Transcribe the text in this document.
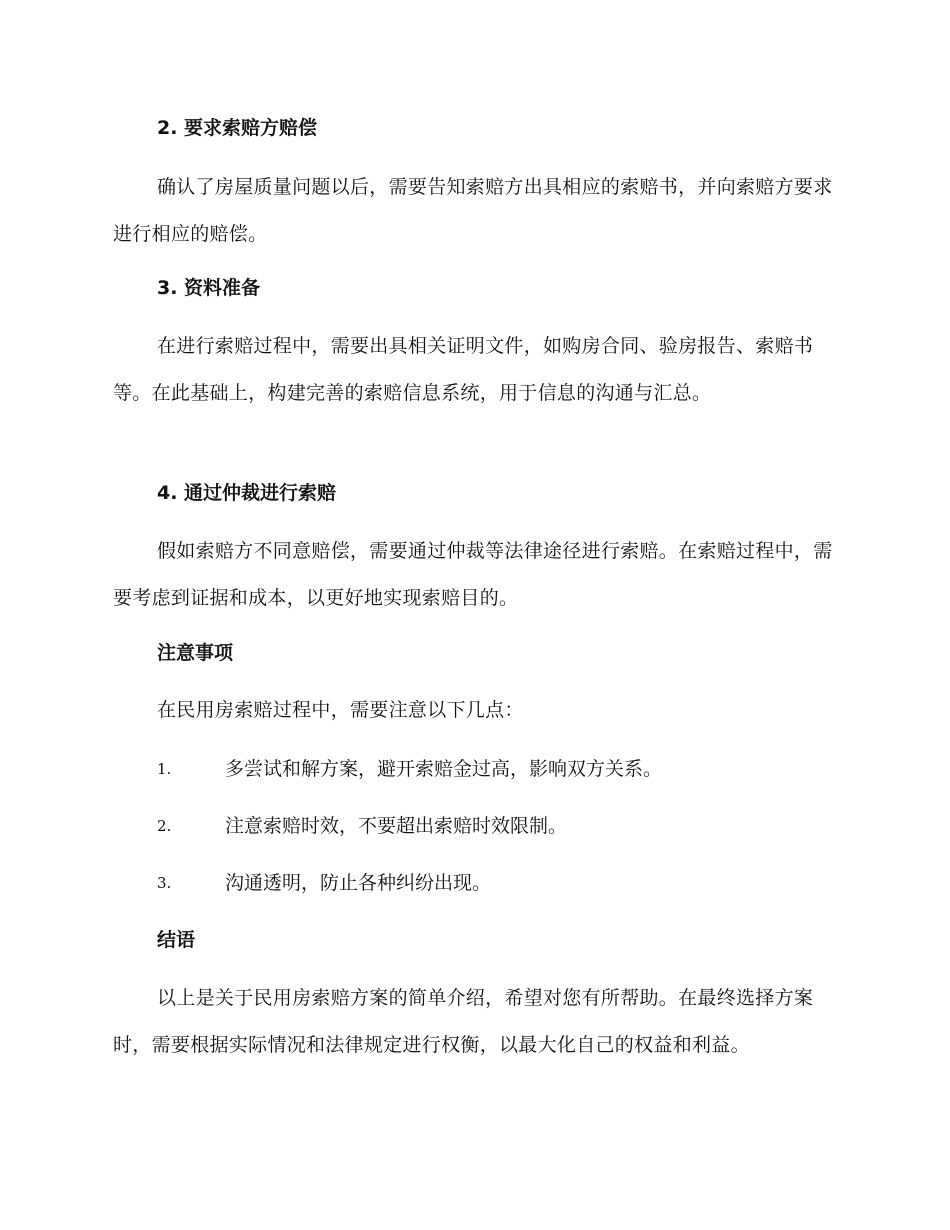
2. 要求索赔方赔偿
确认了房屋质量问题以后，需要告知索赔方出具相应的索赔书，并向索赔方要求进行相应的赔偿。
3. 资料准备
在进行索赔过程中，需要出具相关证明文件，如购房合同、验房报告、索赔书等。在此基础上，构建完善的索赔信息系统，用于信息的沟通与汇总。
4. 通过仲裁进行索赔
假如索赔方不同意赔偿，需要通过仲裁等法律途径进行索赔。在索赔过程中，需要考虑到证据和成本，以更好地实现索赔目的。
注意事项
在民用房索赔过程中，需要注意以下几点：
1.	多尝试和解方案，避开索赔金过高，影响双方关系。
2.	注意索赔时效，不要超出索赔时效限制。
3.	沟通透明，防止各种纠纷出现。
结语
以上是关于民用房索赔方案的简单介绍，希望对您有所帮助。在最终选择方案时，需要根据实际情况和法律规定进行权衡，以最大化自己的权益和利益。
